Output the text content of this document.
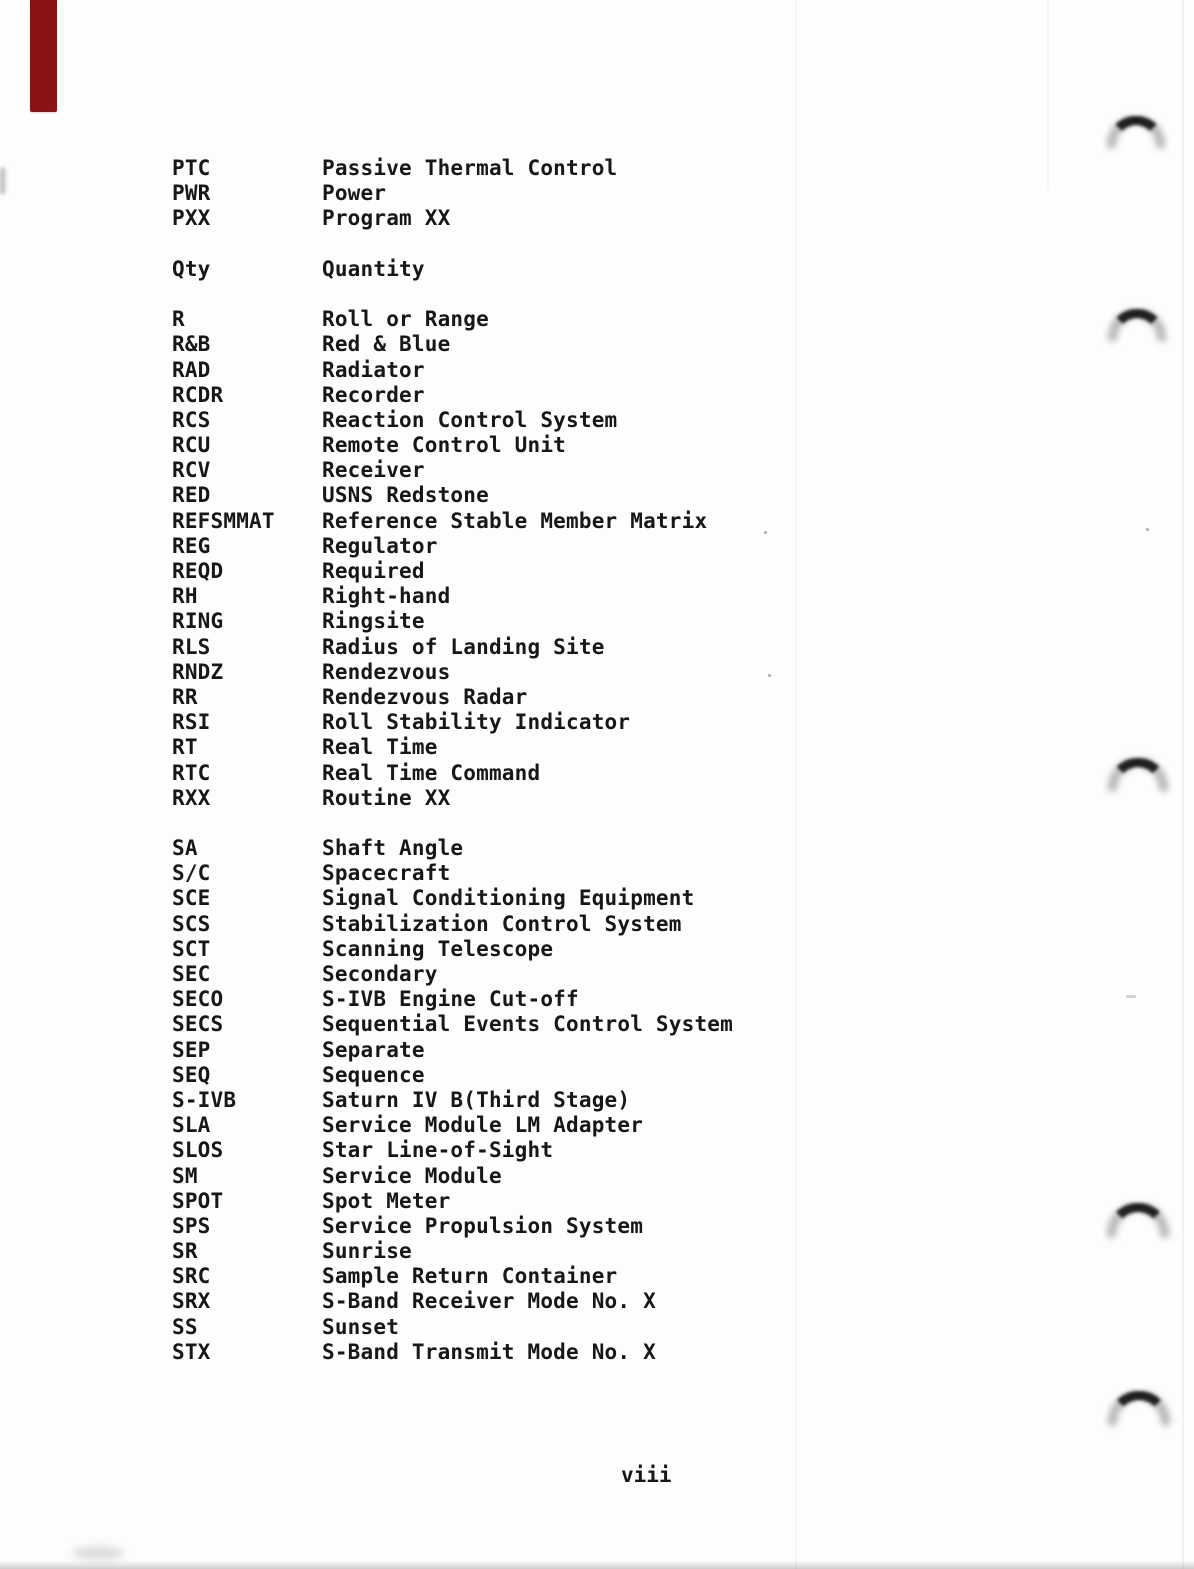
PTC	Passive Thermal Control
PWR	Power
PXX	Program XX
Qty	Quantity
R	Roll or Range
R&B	Red & Blue
RAD	Radiator
RCDR	Recorder
RCS	Reaction Control System
RCU	Remote Control Unit
RCV	Receiver
RED	USNS Redstone
REFSMMAT	Reference Stable Member Matrix
REG	Regulator
REQD	Required
RH	Right-hand
RING	Ringsite
RLS	Radius of Landing Site
RNDZ	Rendezvous
RR	Rendezvous Radar
RSI	Roll Stability Indicator
RT	Real Time
RTC	Real Time Command
RXX	Routine XX
SA	Shaft Angle
S/C	Spacecraft
SCE	Signal Conditioning Equipment
SCS	Stabilization Control System
SCT	Scanning Telescope
SEC	Secondary
SECO	S-IVB Engine Cut-off
SECS	Sequential Events Control System
SEP	Separate
SEQ	Sequence
S-IVB	Saturn IV B(Third Stage)
SLA	Service Module LM Adapter
SLOS	Star Line-of-Sight
SM	Service Module
SPOT	Spot Meter
SPS	Service Propulsion System
SR	Sunrise
SRC	Sample Return Container
SRX	S-Band Receiver Mode No. X
SS	Sunset
STX	S-Band Transmit Mode No. X
viii
